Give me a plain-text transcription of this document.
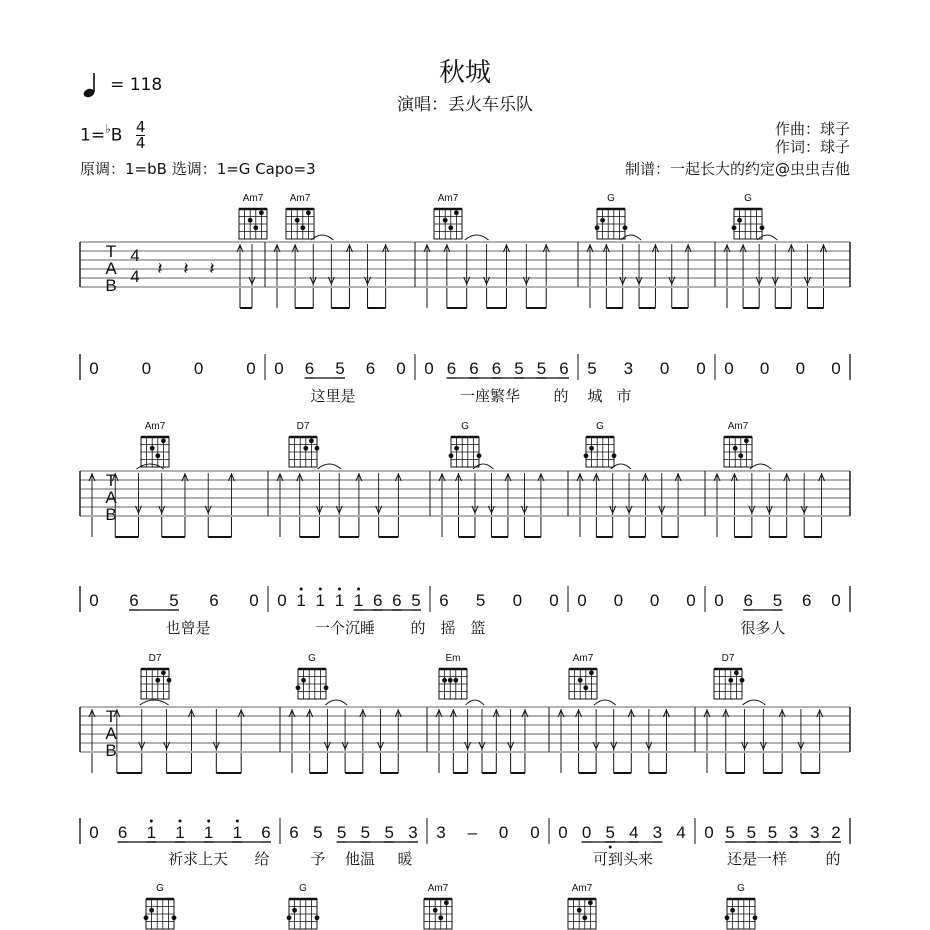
秋城
演唱：丢火车乐队
= 118
$1=^♭B \frac{4}{4}$
原调：1=bB 选调：1=G Capo=3
作曲：球子
作词：球子
制谱：一起长大的约定@虫虫吉他
Am7	Am7	Am7	G	G
T
A
B
4
4 𝄽 𝄽 𝄽
0	0	0	0 0 6 5 6 0 0 6 6 6 5 5 6 5 3 0 0 0 0 0 0
这里是	一座繁华 的 城 市
Am7	D7	G	G	Am7
T
A
B
0 6 5 6 0 0 1 1 1 1 6 6 5 6 5 0 0 0 0 0 0 0 6 5 6 0
也曾是	一个沉睡 的 摇 篮	很多人
D7	G	Em	Am7	D7
T
A
B
0 6 1 1 1 1 6 6 5 5 5 5 3 3 – 0 0 0 0 5 4 3 4 0 5 5 5 3 3 2
祈求上天 给	予 他温 暖	可到头来	还是一样	的
G	G	Am7	Am7	G
